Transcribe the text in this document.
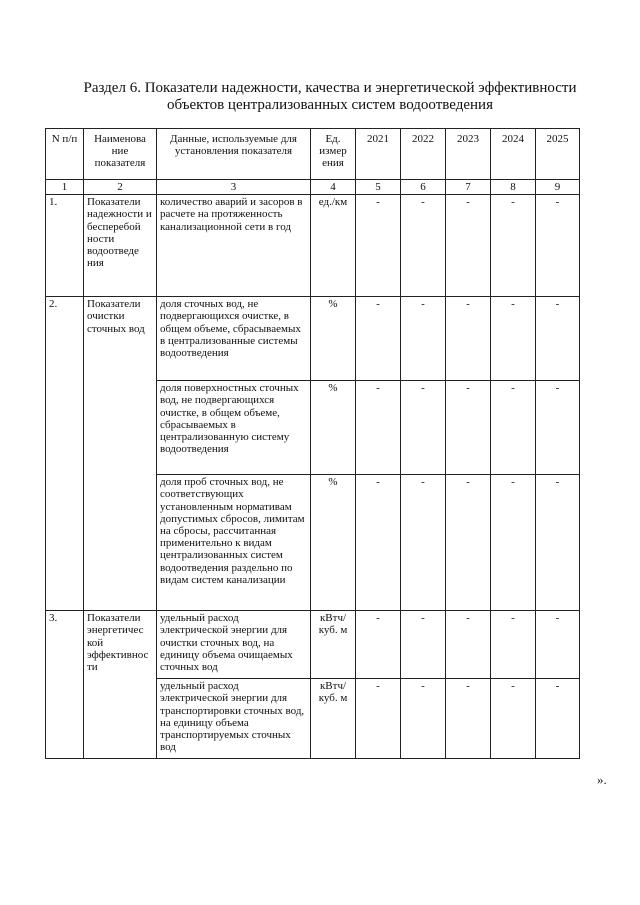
Раздел 6. Показатели надежности, качества и энергетической эффективности
объектов централизованных систем водоотведения
N п/п	Наименова ние показателя	Данные, используемые для установления показателя	Ед. измер ения	2021	2022	2023	2024	2025
1	2	3	4	5	6	7	8	9
1.	Показатели надежности и бесперебой ности водоотведе ния	количество аварий и засоров в расчете на протяженность канализационной сети в год	ед./км	-	-	-	-	-
2.	Показатели очистки сточных вод	доля сточных вод, не подвергающихся очистке, в общем объеме, сбрасываемых в централизованные системы водоотведения	%	-	-	-	-	-
		доля поверхностных сточных вод, не подвергающихся очистке, в общем объеме, сбрасываемых в централизованную систему водоотведения	%	-	-	-	-	-
		доля проб сточных вод, не соответствующих установленным нормативам допустимых сбросов, лимитам на сбросы, рассчитанная применительно к видам централизованных систем водоотведения раздельно по видам систем канализации	%	-	-	-	-	-
3.	Показатели энергетичес кой эффективнос ти	удельный расход электрической энергии для очистки сточных вод, на единицу объема очищаемых сточных вод	кВтч/ куб. м	-	-	-	-	-
		удельный расход электрической энергии для транспортировки сточных вод, на единицу объема транспортируемых сточных вод	кВтч/ куб. м	-	-	-	-	-
».
